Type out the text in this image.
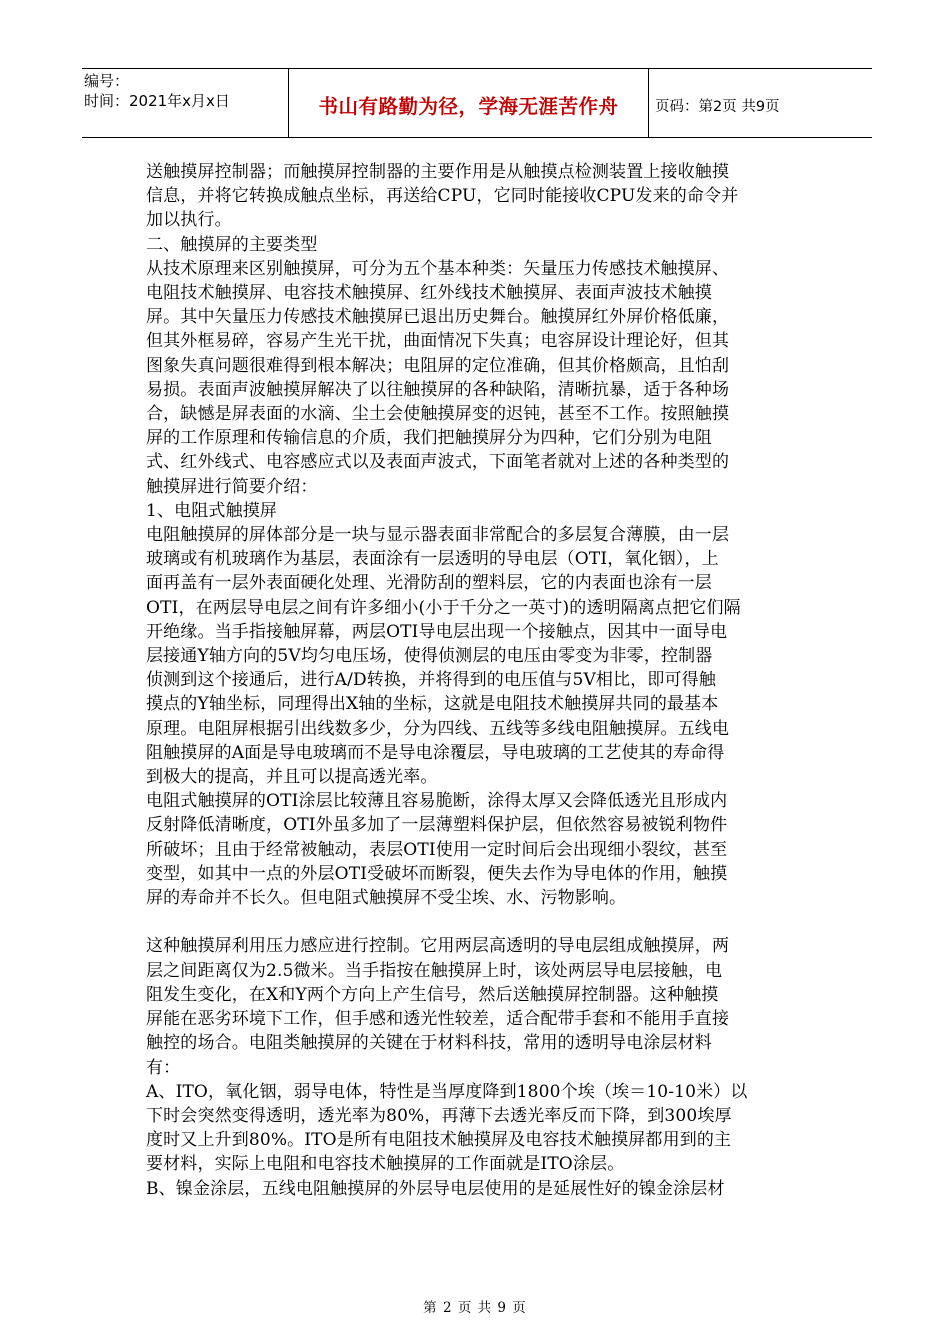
编号：
时间：2021年x月x日	书山有路勤为径，学海无涯苦作舟	页码：第2页 共9页

送触摸屏控制器；而触摸屏控制器的主要作用是从触摸点检测装置上接收触摸

信息，并将它转换成触点坐标，再送给CPU，它同时能接收CPU发来的命令并

加以执行。

二、触摸屏的主要类型

从技术原理来区别触摸屏，可分为五个基本种类：矢量压力传感技术触摸屏、

电阻技术触摸屏、电容技术触摸屏、红外线技术触摸屏、表面声波技术触摸

屏。其中矢量压力传感技术触摸屏已退出历史舞台。触摸屏红外屏价格低廉，

但其外框易碎，容易产生光干扰，曲面情况下失真；电容屏设计理论好，但其

图象失真问题很难得到根本解决；电阻屏的定位准确，但其价格颇高，且怕刮

易损。表面声波触摸屏解决了以往触摸屏的各种缺陷，清晰抗暴，适于各种场

合，缺憾是屏表面的水滴、尘土会使触摸屏变的迟钝，甚至不工作。按照触摸

屏的工作原理和传输信息的介质，我们把触摸屏分为四种，它们分别为电阻

式、红外线式、电容感应式以及表面声波式，下面笔者就对上述的各种类型的

触摸屏进行简要介绍：

1、电阻式触摸屏

电阻触摸屏的屏体部分是一块与显示器表面非常配合的多层复合薄膜，由一层

玻璃或有机玻璃作为基层，表面涂有一层透明的导电层（OTI，氧化铟），上

面再盖有一层外表面硬化处理、光滑防刮的塑料层，它的内表面也涂有一层

OTI，在两层导电层之间有许多细小(小于千分之一英寸)的透明隔离点把它们隔

开绝缘。当手指接触屏幕，两层OTI导电层出现一个接触点，因其中一面导电

层接通Y轴方向的5V均匀电压场，使得侦测层的电压由零变为非零，控制器

侦测到这个接通后，进行A/D转换，并将得到的电压值与5V相比，即可得触

摸点的Y轴坐标，同理得出X轴的坐标，这就是电阻技术触摸屏共同的最基本

原理。电阻屏根据引出线数多少，分为四线、五线等多线电阻触摸屏。五线电

阻触摸屏的A面是导电玻璃而不是导电涂覆层，导电玻璃的工艺使其的寿命得

到极大的提高，并且可以提高透光率。

电阻式触摸屏的OTI涂层比较薄且容易脆断，涂得太厚又会降低透光且形成内

反射降低清晰度，OTI外虽多加了一层薄塑料保护层，但依然容易被锐利物件

所破坏；且由于经常被触动，表层OTI使用一定时间后会出现细小裂纹，甚至

变型，如其中一点的外层OTI受破坏而断裂，便失去作为导电体的作用，触摸

屏的寿命并不长久。但电阻式触摸屏不受尘埃、水、污物影响。

这种触摸屏利用压力感应进行控制。它用两层高透明的导电层组成触摸屏，两

层之间距离仅为2.5微米。当手指按在触摸屏上时，该处两层导电层接触，电

阻发生变化，在X和Y两个方向上产生信号，然后送触摸屏控制器。这种触摸

屏能在恶劣环境下工作，但手感和透光性较差，适合配带手套和不能用手直接

触控的场合。电阻类触摸屏的关键在于材料科技，常用的透明导电涂层材料

有：

A、ITO，氧化铟，弱导电体，特性是当厚度降到1800个埃（埃＝10-10米）以

下时会突然变得透明，透光率为80%，再薄下去透光率反而下降，到300埃厚

度时又上升到80%。ITO是所有电阻技术触摸屏及电容技术触摸屏都用到的主

要材料，实际上电阻和电容技术触摸屏的工作面就是ITO涂层。

B、镍金涂层，五线电阻触摸屏的外层导电层使用的是延展性好的镍金涂层材

第 2 页 共 9 页
